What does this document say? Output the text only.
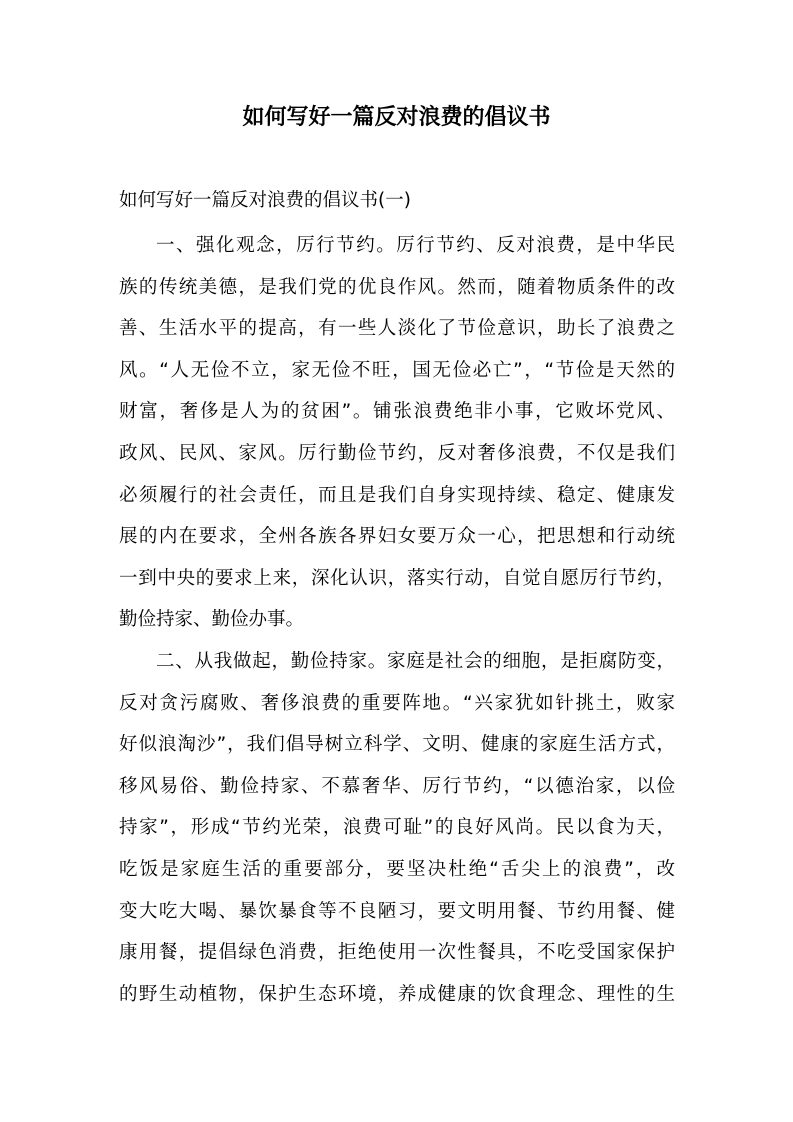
如何写好一篇反对浪费的倡议书

如何写好一篇反对浪费的倡议书(一)

一、强化观念，厉行节约。厉行节约、反对浪费，是中华民
族的传统美德，是我们党的优良作风。然而，随着物质条件的改
善、生活水平的提高，有一些人淡化了节俭意识，助长了浪费之
风。“人无俭不立，家无俭不旺，国无俭必亡”，“节俭是天然的
财富，奢侈是人为的贫困”。铺张浪费绝非小事，它败坏党风、
政风、民风、家风。厉行勤俭节约，反对奢侈浪费，不仅是我们
必须履行的社会责任，而且是我们自身实现持续、稳定、健康发
展的内在要求，全州各族各界妇女要万众一心，把思想和行动统
一到中央的要求上来，深化认识，落实行动，自觉自愿厉行节约，
勤俭持家、勤俭办事。

二、从我做起，勤俭持家。家庭是社会的细胞，是拒腐防变，
反对贪污腐败、奢侈浪费的重要阵地。“兴家犹如针挑土，败家
好似浪淘沙”，我们倡导树立科学、文明、健康的家庭生活方式，
移风易俗、勤俭持家、不慕奢华、厉行节约，“以德治家，以俭
持家”，形成“节约光荣，浪费可耻”的良好风尚。民以食为天，
吃饭是家庭生活的重要部分，要坚决杜绝“舌尖上的浪费”，改
变大吃大喝、暴饮暴食等不良陋习，要文明用餐、节约用餐、健
康用餐，提倡绿色消费，拒绝使用一次性餐具，不吃受国家保护
的野生动植物，保护生态环境，养成健康的饮食理念、理性的生
